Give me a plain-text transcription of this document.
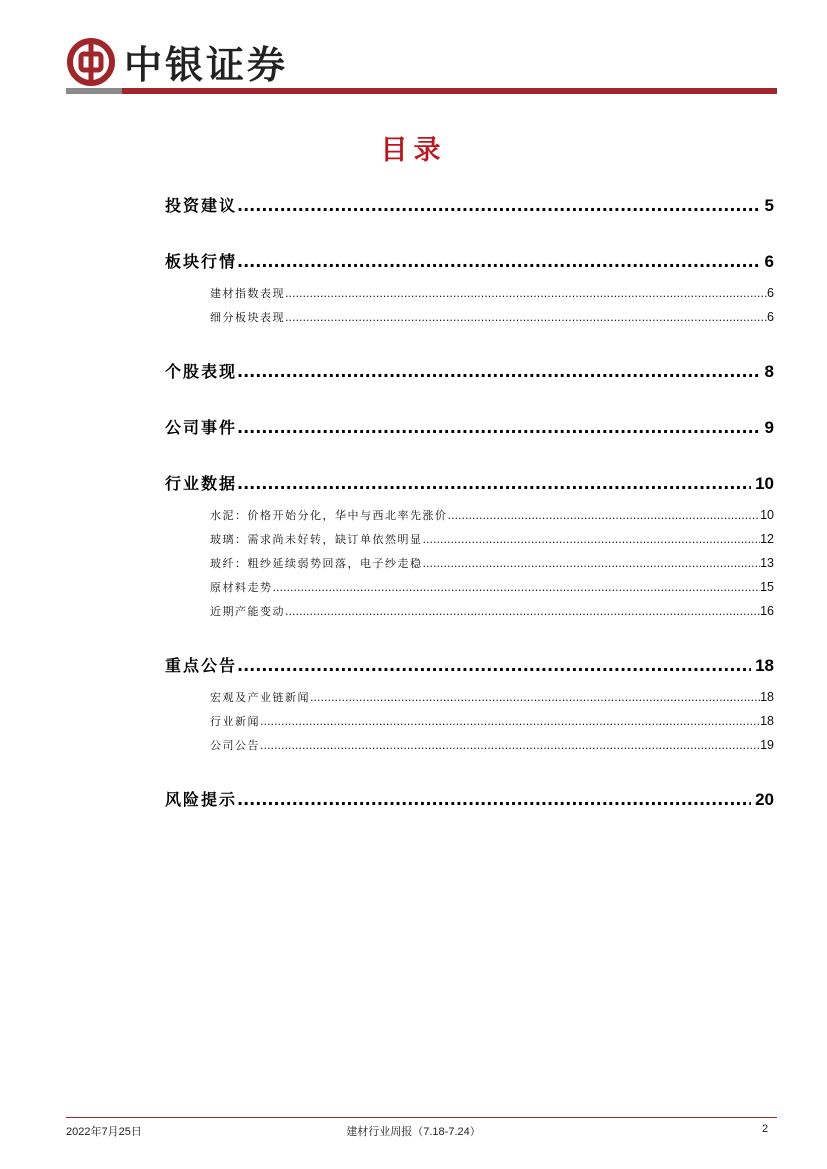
中银证券
目录
投资建议 .....	5
板块行情 .....	6
建材指数表现 .....	6
细分板块表现 .....	6
个股表现 .....	8
公司事件 .....	9
行业数据 .....	10
水泥：价格开始分化，华中与西北率先涨价 .....	10
玻璃：需求尚未好转，缺订单依然明显 .....	12
玻纤：粗纱延续弱势回落，电子纱走稳 .....	13
原材料走势 .....	15
近期产能变动 .....	16
重点公告 .....	18
宏观及产业链新闻 .....	18
行业新闻 .....	18
公司公告 .....	19
风险提示 .....	20
2022年7月25日	建材行业周报（7.18-7.24）	2
